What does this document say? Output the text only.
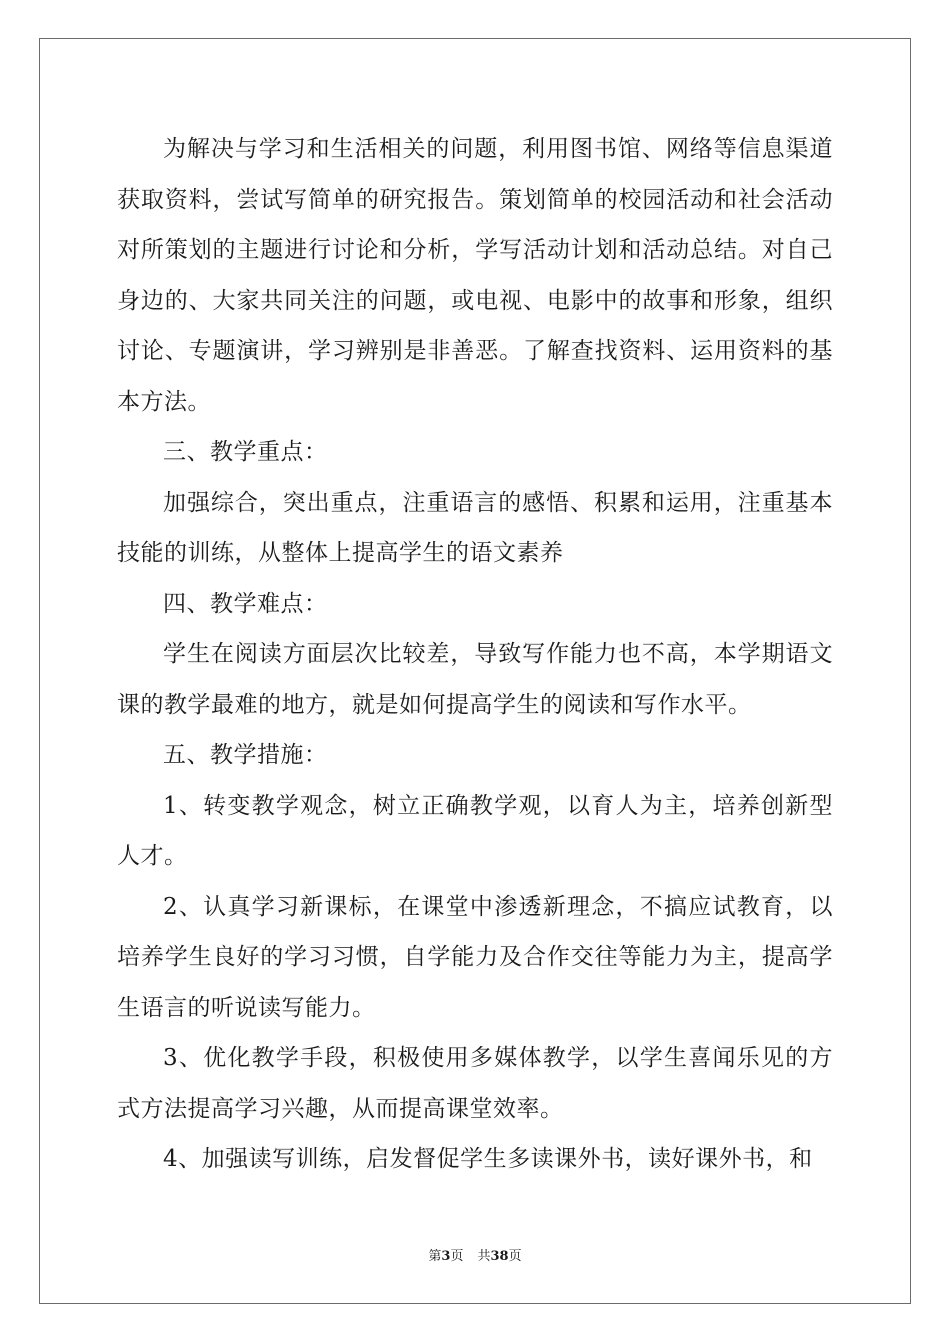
为解决与学习和生活相关的问题，利用图书馆、网络等信息渠道获取资料，尝试写简单的研究报告。策划简单的校园活动和社会活动对所策划的主题进行讨论和分析，学写活动计划和活动总结。对自己身边的、大家共同关注的问题，或电视、电影中的故事和形象，组织讨论、专题演讲，学习辨别是非善恶。了解查找资料、运用资料的基本方法。

三、教学重点：

加强综合，突出重点，注重语言的感悟、积累和运用，注重基本技能的训练，从整体上提高学生的语文素养

四、教学难点：

学生在阅读方面层次比较差，导致写作能力也不高，本学期语文课的教学最难的地方，就是如何提高学生的阅读和写作水平。

五、教学措施：

1、转变教学观念，树立正确教学观，以育人为主，培养创新型人才。

2、认真学习新课标，在课堂中渗透新理念，不搞应试教育，以培养学生良好的学习习惯，自学能力及合作交往等能力为主，提高学生语言的听说读写能力。

3、优化教学手段，积极使用多媒体教学，以学生喜闻乐见的方式方法提高学习兴趣，从而提高课堂效率。

4、加强读写训练，启发督促学生多读课外书，读好课外书，和

第3页 共38页
